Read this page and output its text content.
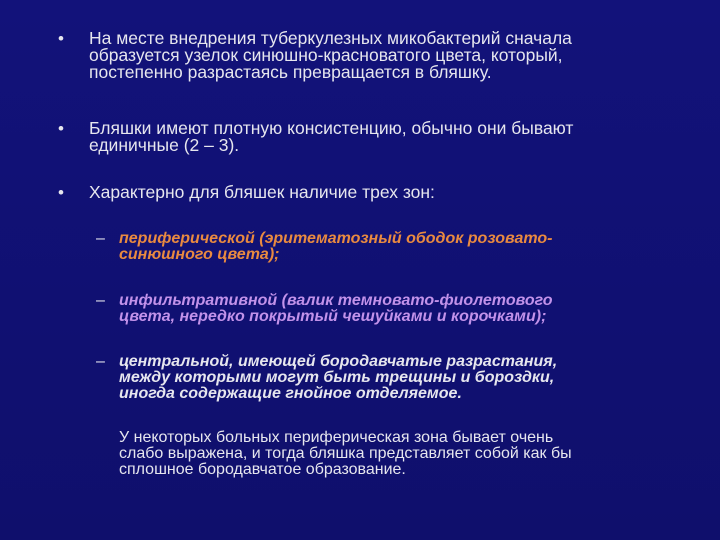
•	На месте внедрения туберкулезных микобактерий сначала
образуется узелок синюшно-красноватого цвета, который,
постепенно разрастаясь превращается в бляшку.
•	Бляшки имеют плотную консистенцию, обычно они бывают
единичные (2 – 3).
•	Характерно для бляшек наличие трех зон:
– периферической (эритематозный ободок розовато-
синюшного цвета);
– инфильтративной (валик темновато-фиолетового
цвета, нередко покрытый чешуйками и корочками);
– центральной, имеющей бородавчатые разрастания,
между которыми могут быть трещины и бороздки,
иногда содержащие гнойное отделяемое.
У некоторых больных периферическая зона бывает очень
слабо выражена, и тогда бляшка представляет собой как бы
сплошное бородавчатое образование.
